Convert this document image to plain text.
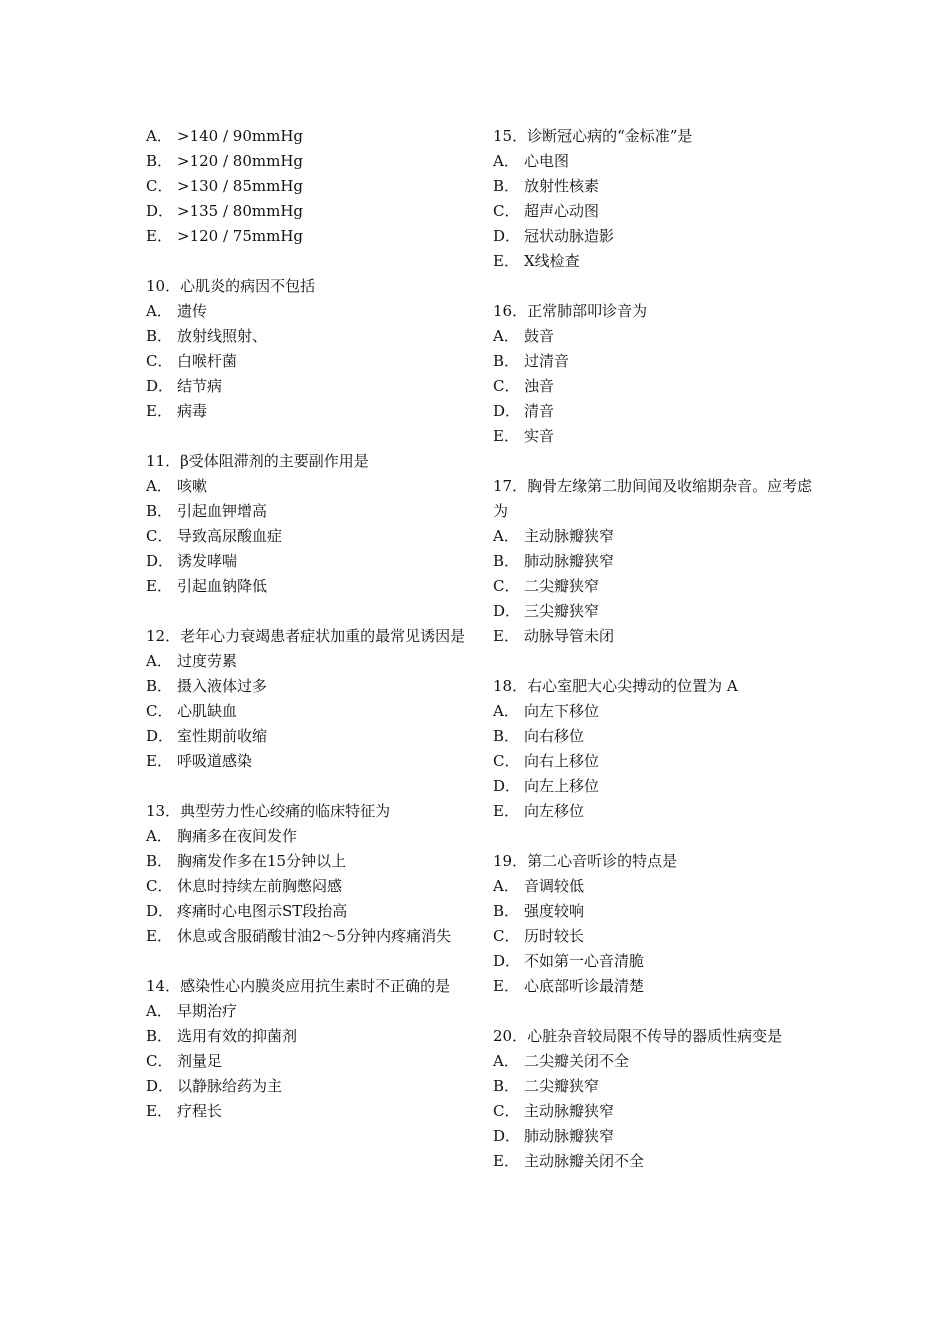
A． >140 / 90mmHg
B． >120 / 80mmHg
C． >130 / 85mmHg
D． >135 / 80mmHg
E． >120 / 75mmHg
10．心肌炎的病因不包括
A． 遗传
B． 放射线照射、
C． 白喉杆菌
D． 结节病
E． 病毒
11．β受体阻滞剂的主要副作用是
A． 咳嗽
B． 引起血钾增高
C． 导致高尿酸血症
D． 诱发哮喘
E． 引起血钠降低
12．老年心力衰竭患者症状加重的最常见诱因是
A． 过度劳累
B． 摄入液体过多
C． 心肌缺血
D． 室性期前收缩
E． 呼吸道感染
13．典型劳力性心绞痛的临床特征为
A． 胸痛多在夜间发作
B． 胸痛发作多在15分钟以上
C． 休息时持续左前胸憋闷感
D． 疼痛时心电图示ST段抬高
E． 休息或含服硝酸甘油2～5分钟内疼痛消失
14．感染性心内膜炎应用抗生素时不正确的是
A． 早期治疗
B． 选用有效的抑菌剂
C． 剂量足
D． 以静脉给药为主
E． 疗程长
15．诊断冠心病的“金标准”是
A． 心电图
B． 放射性核素
C． 超声心动图
D． 冠状动脉造影
E． X线检查
16．正常肺部叩诊音为
A． 鼓音
B． 过清音
C． 浊音
D． 清音
E． 实音
17．胸骨左缘第二肋间闻及收缩期杂音。应考虑为
A． 主动脉瓣狭窄
B． 肺动脉瓣狭窄
C． 二尖瓣狭窄
D． 三尖瓣狭窄
E． 动脉导管未闭
18．右心室肥大心尖搏动的位置为 A
A． 向左下移位
B． 向右移位
C． 向右上移位
D． 向左上移位
E． 向左移位
19．第二心音听诊的特点是
A． 音调较低
B． 强度较响
C． 历时较长
D． 不如第一心音清脆
E． 心底部听诊最清楚
20．心脏杂音较局限不传导的器质性病变是
A． 二尖瓣关闭不全
B． 二尖瓣狭窄
C． 主动脉瓣狭窄
D． 肺动脉瓣狭窄
E． 主动脉瓣关闭不全
